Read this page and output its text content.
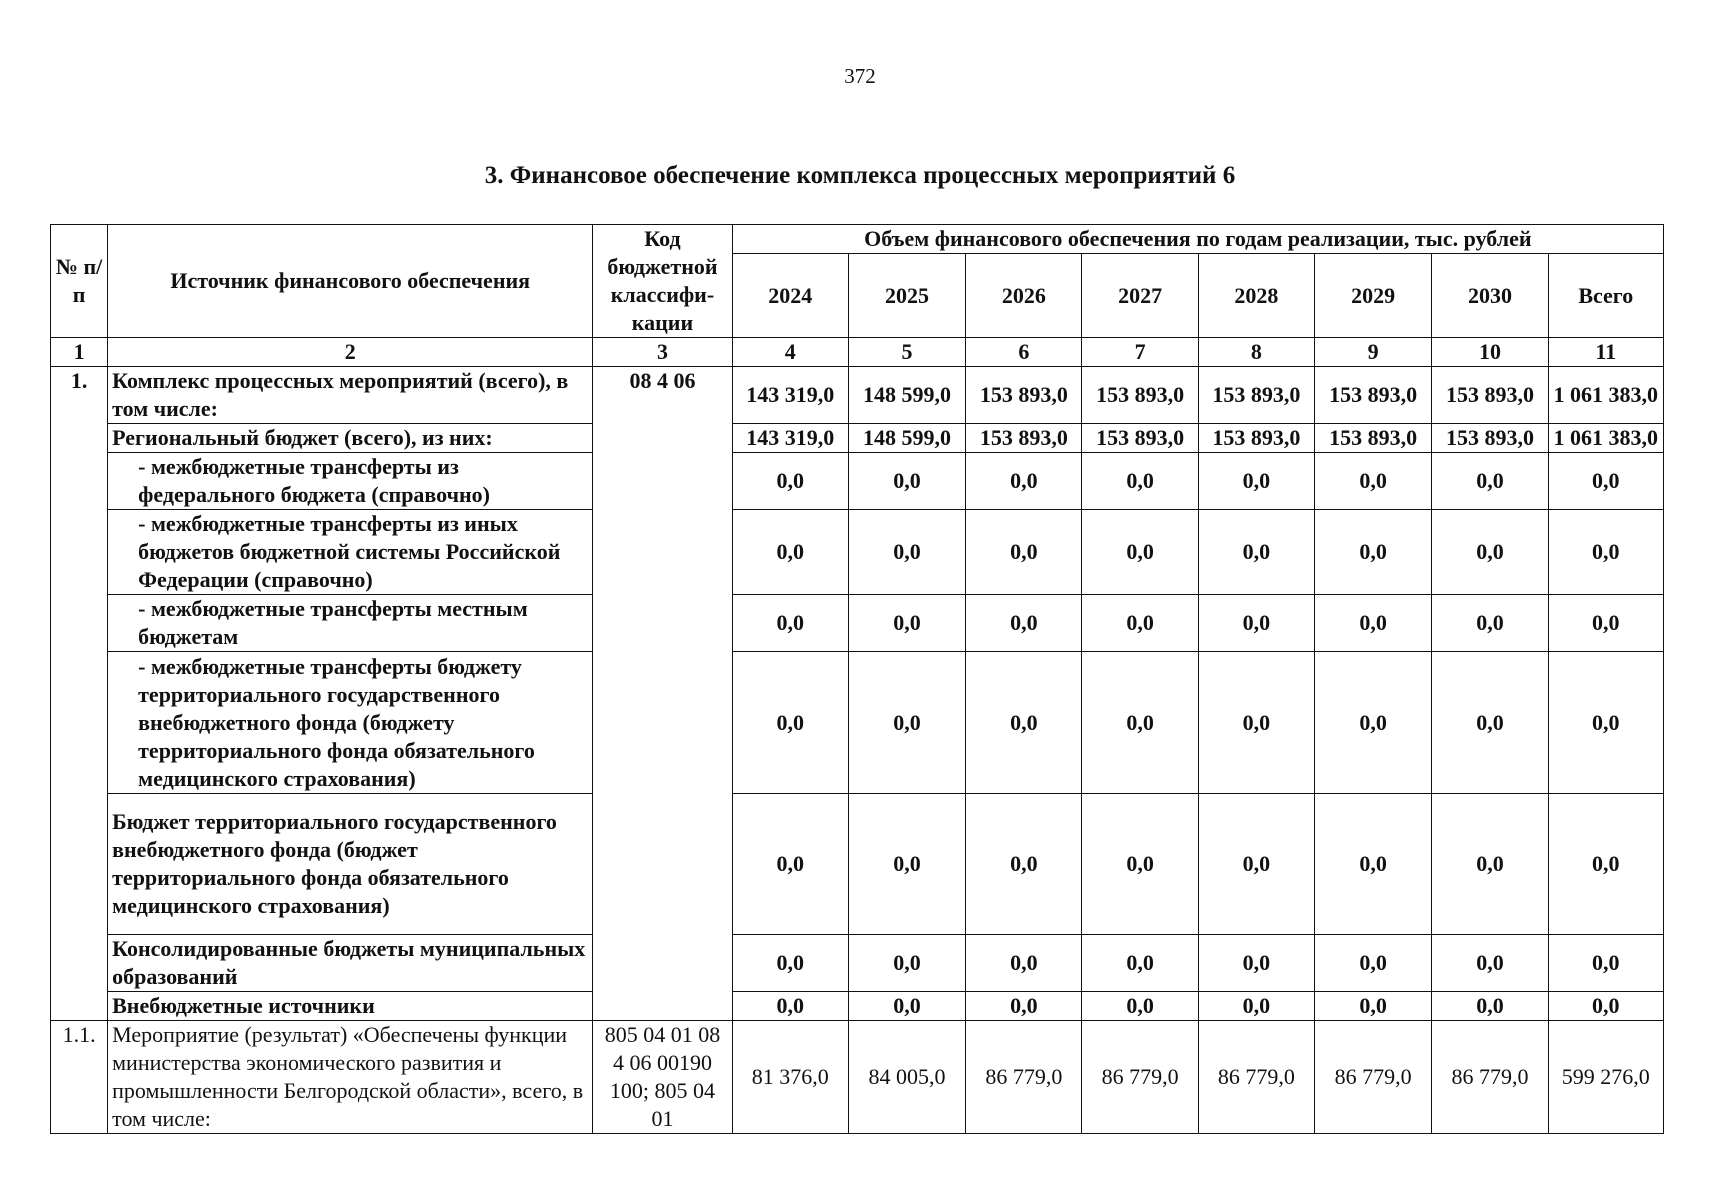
372
3. Финансовое обеспечение комплекса процессных мероприятий 6
№ п/п	Источник финансового обеспечения	Код бюджетной классифи-кации	Объем финансового обеспечения по годам реализации, тыс. рублей							
			2024	2025	2026	2027	2028	2029	2030	Всего
1	2	3	4	5	6	7	8	9	10	11
1.	Комплекс процессных мероприятий (всего), в том числе:	08 4 06	143 319,0	148 599,0	153 893,0	153 893,0	153 893,0	153 893,0	153 893,0	1 061 383,0
	Региональный бюджет (всего), из них:		143 319,0	148 599,0	153 893,0	153 893,0	153 893,0	153 893,0	153 893,0	1 061 383,0
	- межбюджетные трансферты из федерального бюджета (справочно)		0,0	0,0	0,0	0,0	0,0	0,0	0,0	0,0
	- межбюджетные трансферты из иных бюджетов бюджетной системы Российской Федерации (справочно)		0,0	0,0	0,0	0,0	0,0	0,0	0,0	0,0
	- межбюджетные трансферты местным бюджетам		0,0	0,0	0,0	0,0	0,0	0,0	0,0	0,0
	- межбюджетные трансферты бюджету территориального государственного внебюджетного фонда (бюджету территориального фонда обязательного медицинского страхования)		0,0	0,0	0,0	0,0	0,0	0,0	0,0	0,0
	Бюджет территориального государственного внебюджетного фонда (бюджет территориального фонда обязательного медицинского страхования)		0,0	0,0	0,0	0,0	0,0	0,0	0,0	0,0
	Консолидированные бюджеты муниципальных образований		0,0	0,0	0,0	0,0	0,0	0,0	0,0	0,0
	Внебюджетные источники		0,0	0,0	0,0	0,0	0,0	0,0	0,0	0,0
1.1.	Мероприятие (результат) «Обеспечены функции министерства экономического развития и промышленности Белгородской области», всего, в том числе:	805 04 01 08 4 06 00190 100; 805 04 01	81 376,0	84 005,0	86 779,0	86 779,0	86 779,0	86 779,0	86 779,0	599 276,0
